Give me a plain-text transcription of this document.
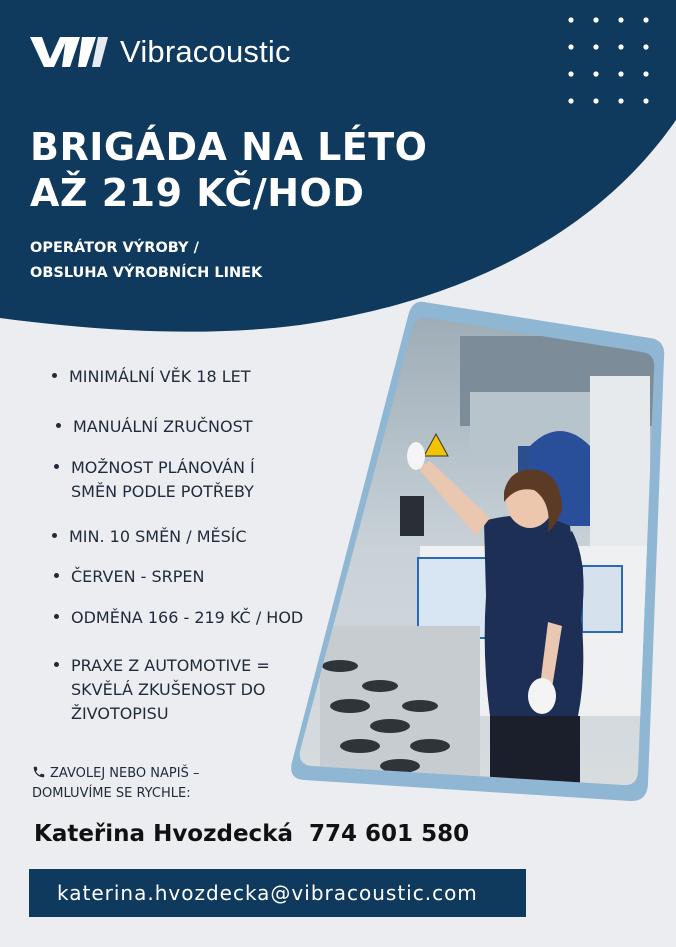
Vibracoustic
BRIGÁDA NA LÉTO
AŽ 219 KČ/HOD
OPERÁTOR VÝROBY /
OBSLUHA VÝROBNÍCH LINEK
MINIMÁLNÍ VĚK 18 LET
MANUÁLNÍ ZRUČNOST
MOŽNOST PLÁNOVÁN Í
SMĚN PODLE POTŘEBY
MIN. 10 SMĚN / MĚSÍC
ČERVEN - SRPEN
ODMĚNA 166 - 219 KČ / HOD
PRAXE Z AUTOMOTIVE =
SKVĚLÁ ZKUŠENOST DO
ŽIVOTOPISU
ZAVOLEJ NEBO NAPIŠ –
DOMLUVÍME SE RYCHLE:
Kateřina Hvozdecká 774 601 580
katerina.hvozdecka@vibracoustic.com
